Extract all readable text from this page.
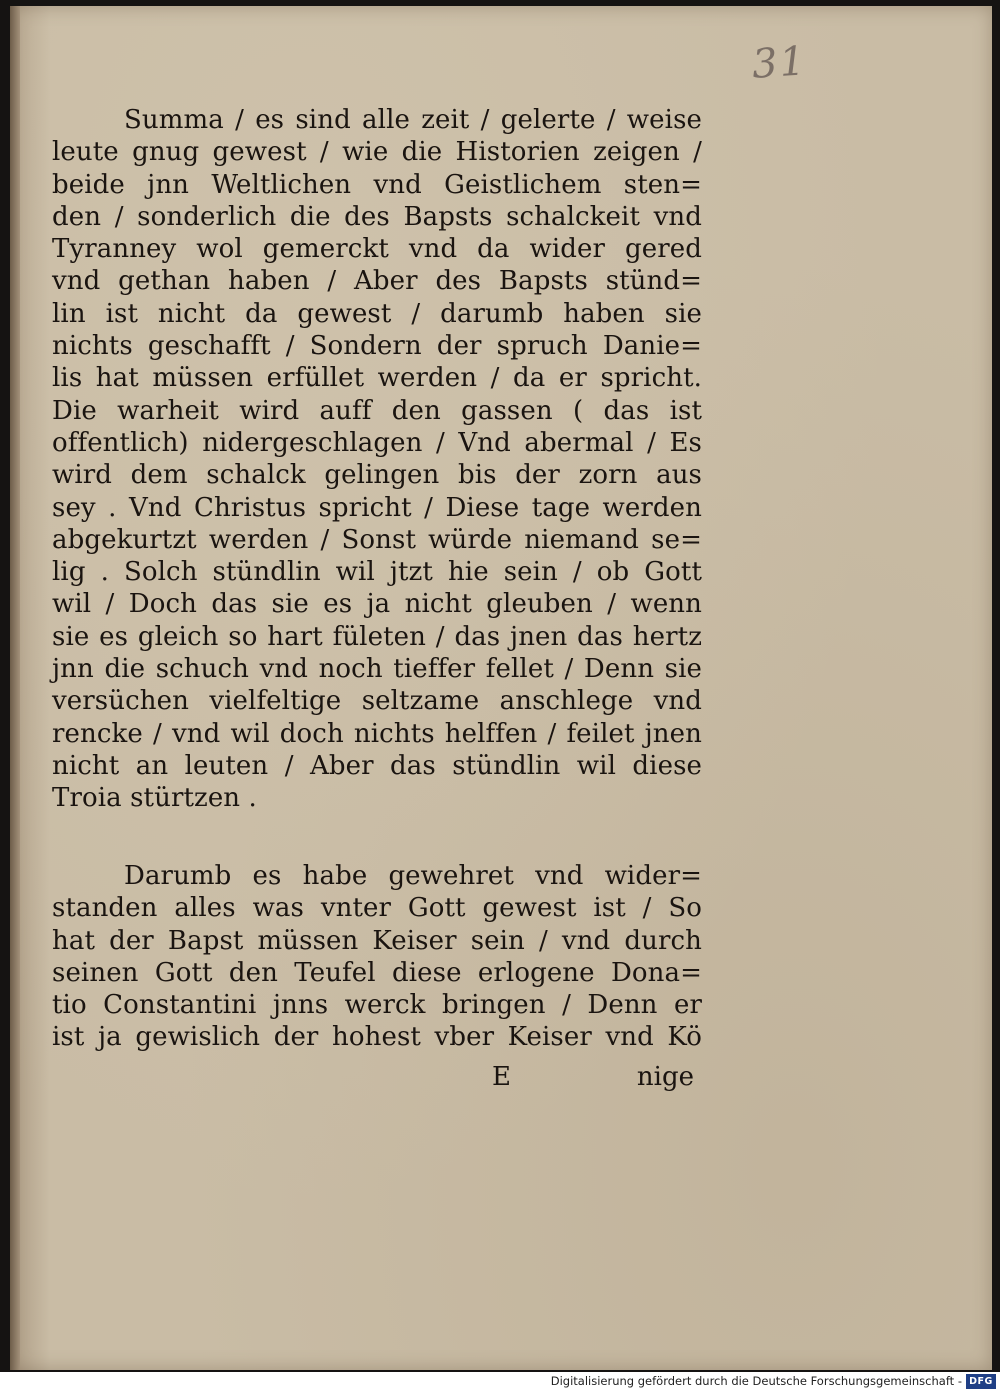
31
Summa / es sind alle zeit / gelerte / weise
leute gnug gewest / wie die Historien zeigen /
beide jnn Weltlichen vnd Geistlichem sten=
den / sonderlich die des Bapsts schalckeit vnd
Tyranney wol gemerckt vnd da wider gered
vnd gethan haben / Aber des Bapsts stünd=
lin ist nicht da gewest / darumb haben sie
nichts geschafft / Sondern der spruch Danie=
lis hat müssen erfüllet werden / da er spricht.
Die warheit wird auff den gassen ( das ist
offentlich) nidergeschlagen / Vnd abermal / Es
wird dem schalck gelingen bis der zorn aus
sey . Vnd Christus spricht / Diese tage werden
abgekurtzt werden / Sonst würde niemand se=
lig . Solch stündlin wil jtzt hie sein / ob Gott
wil / Doch das sie es ja nicht gleuben / wenn
sie es gleich so hart fületen / das jnen das hertz
jnn die schuch vnd noch tieffer fellet / Denn sie
versüchen vielfeltige seltzame anschlege vnd
rencke / vnd wil doch nichts helffen / feilet jnen
nicht an leuten / Aber das stündlin wil diese
Troia stürtzen .
Darumb es habe gewehret vnd wider=
standen alles was vnter Gott gewest ist / So
hat der Bapst müssen Keiser sein / vnd durch
seinen Gott den Teufel diese erlogene Dona=
tio Constantini jnns werck bringen / Denn er
ist ja gewislich der hohest vber Keiser vnd Kö
E	nige
Digitalisierung gefördert durch die Deutsche Forschungsgemeinschaft - DFG
